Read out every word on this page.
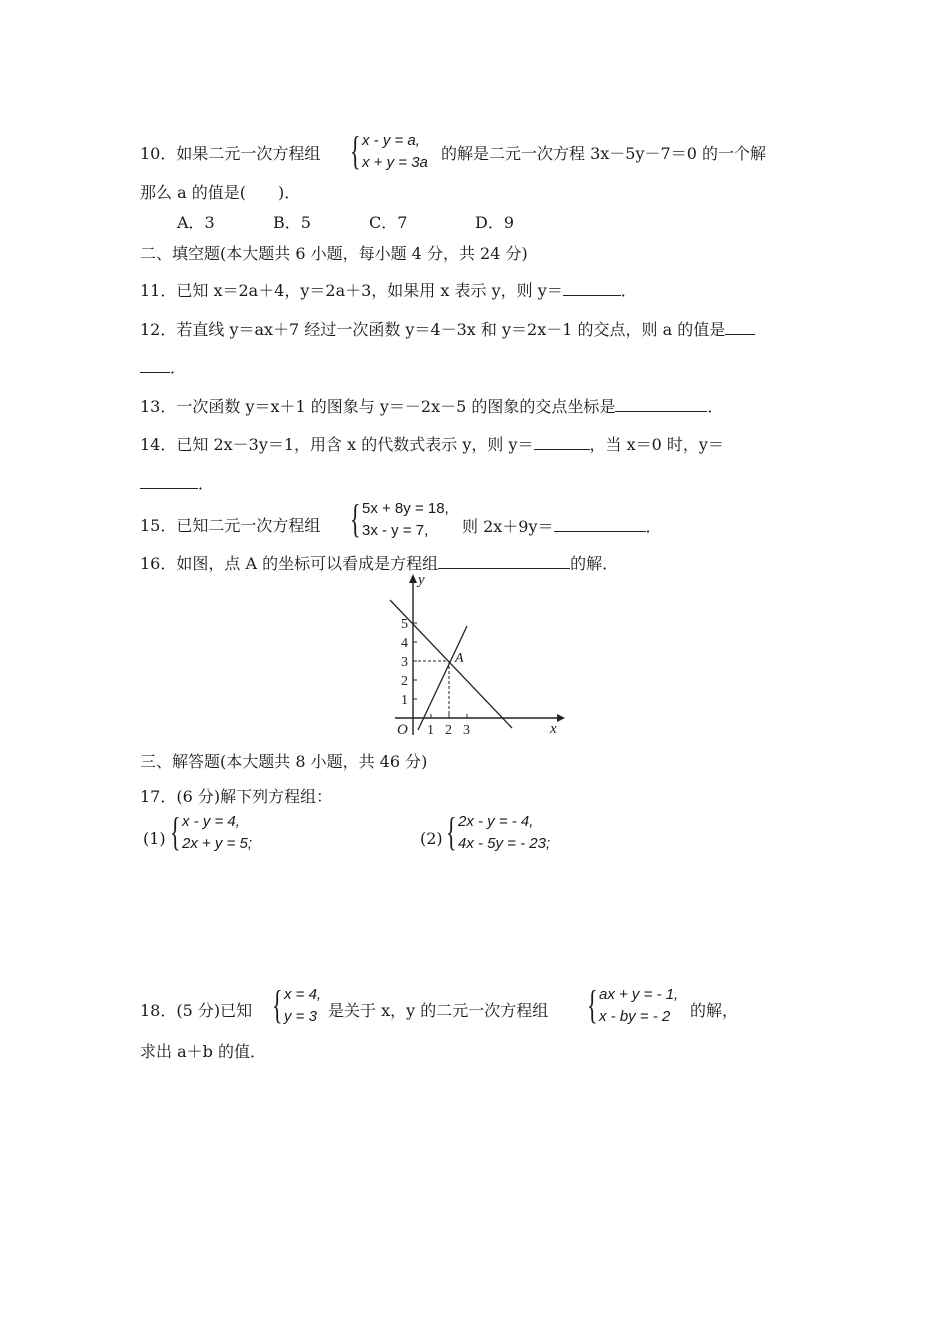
10．如果二元一次方程组 { x - y = a,
x + y = 3a 的解是二元一次方程 3x－5y－7＝0 的一个解
那么 a 的值是(　　)．
A．3	B．5	C．7	D．9
二、填空题(本大题共 6 小题，每小题 4 分，共 24 分)
11．已知 x＝2a＋4，y＝2a＋3，如果用 x 表示 y，则 y＝	．
12．若直线 y＝ax＋7 经过一次函数 y＝4－3x 和 y＝2x－1 的交点，则 a 的值是
．
13．一次函数 y＝x＋1 的图象与 y＝－2x－5 的图象的交点坐标是	．
14．已知 2x－3y＝1，用含 x 的代数式表示 y，则 y＝	，当 x＝0 时，y＝
．
15．已知二元一次方程组 { 5x + 8y = 18,
3x - y = 7,	则 2x＋9y＝	．
16．如图，点 A 的坐标可以看成是方程组	的解．
y
x
O
A
1
2
3
4
5
1 2 3
三、解答题(本大题共 8 小题，共 46 分)
17．(6 分)解下列方程组：
(1) { x - y = 4,
2x + y = 5;	(2) { 2x - y = - 4,
4x - 5y = - 23;
18．(5 分)已知 { x = 4,
y = 3 是关于 x，y 的二元一次方程组 { ax + y = - 1,
x - by = - 2	的解，
求出 a＋b 的值．
